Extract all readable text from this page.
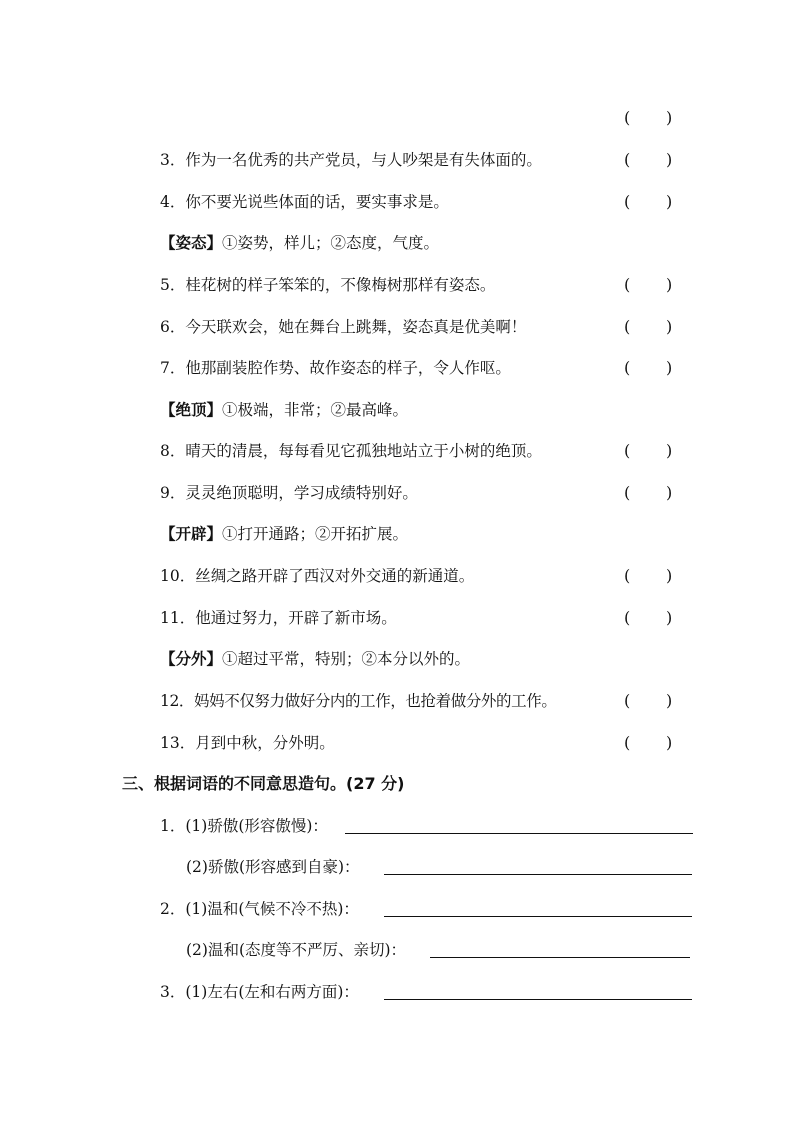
( )
3．作为一名优秀的共产党员，与人吵架是有失体面的。	( )
4．你不要光说些体面的话，要实事求是。	( )
【姿态】①姿势，样儿；②态度，气度。
5．桂花树的样子笨笨的，不像梅树那样有姿态。	( )
6．今天联欢会，她在舞台上跳舞，姿态真是优美啊！	( )
7．他那副装腔作势、故作姿态的样子，令人作呕。	( )
【绝顶】①极端，非常；②最高峰。
8．晴天的清晨，每每看见它孤独地站立于小树的绝顶。	( )
9．灵灵绝顶聪明，学习成绩特别好。	( )
【开辟】①打开通路；②开拓扩展。
10．丝绸之路开辟了西汉对外交通的新通道。	( )
11．他通过努力，开辟了新市场。	( )
【分外】①超过平常，特别；②本分以外的。
12．妈妈不仅努力做好分内的工作，也抢着做分外的工作。	( )
13．月到中秋，分外明。	( )
三、根据词语的不同意思造句。(27 分)
1．(1)骄傲(形容傲慢)：
(2)骄傲(形容感到自豪)：
2．(1)温和(气候不冷不热)：
(2)温和(态度等不严厉、亲切)：
3．(1)左右(左和右两方面)：
